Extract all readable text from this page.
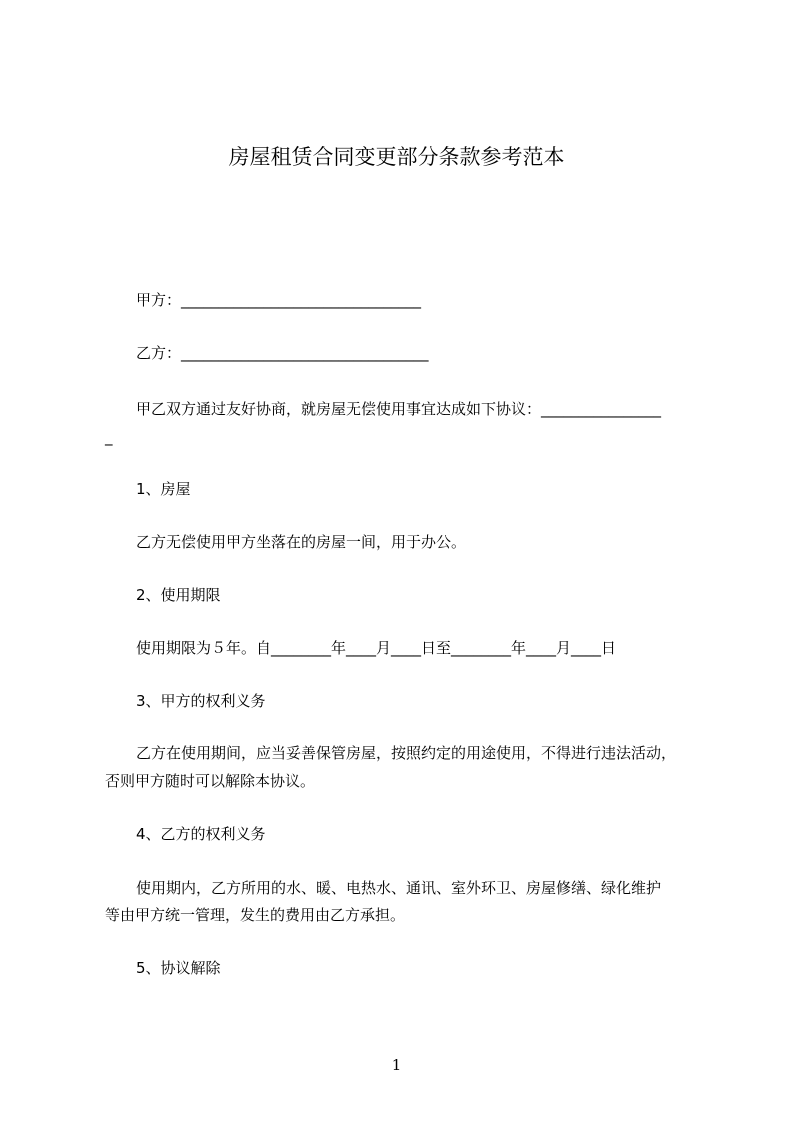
房屋租赁合同变更部分条款参考范本
甲方：________________________________
乙方：_________________________________
甲乙双方通过友好协商，就房屋无偿使用事宜达成如下协议：________________
_
1、房屋
乙方无偿使用甲方坐落在的房屋一间，用于办公。
2、使用期限
使用期限为５年。自________年____月____日至________年____月____日
3、甲方的权利义务
乙方在使用期间，应当妥善保管房屋，按照约定的用途使用，不得进行违法活动，
否则甲方随时可以解除本协议。
4、乙方的权利义务
使用期内，乙方所用的水、暖、电热水、通讯、室外环卫、房屋修缮、绿化维护
等由甲方统一管理，发生的费用由乙方承担。
5、协议解除
1
